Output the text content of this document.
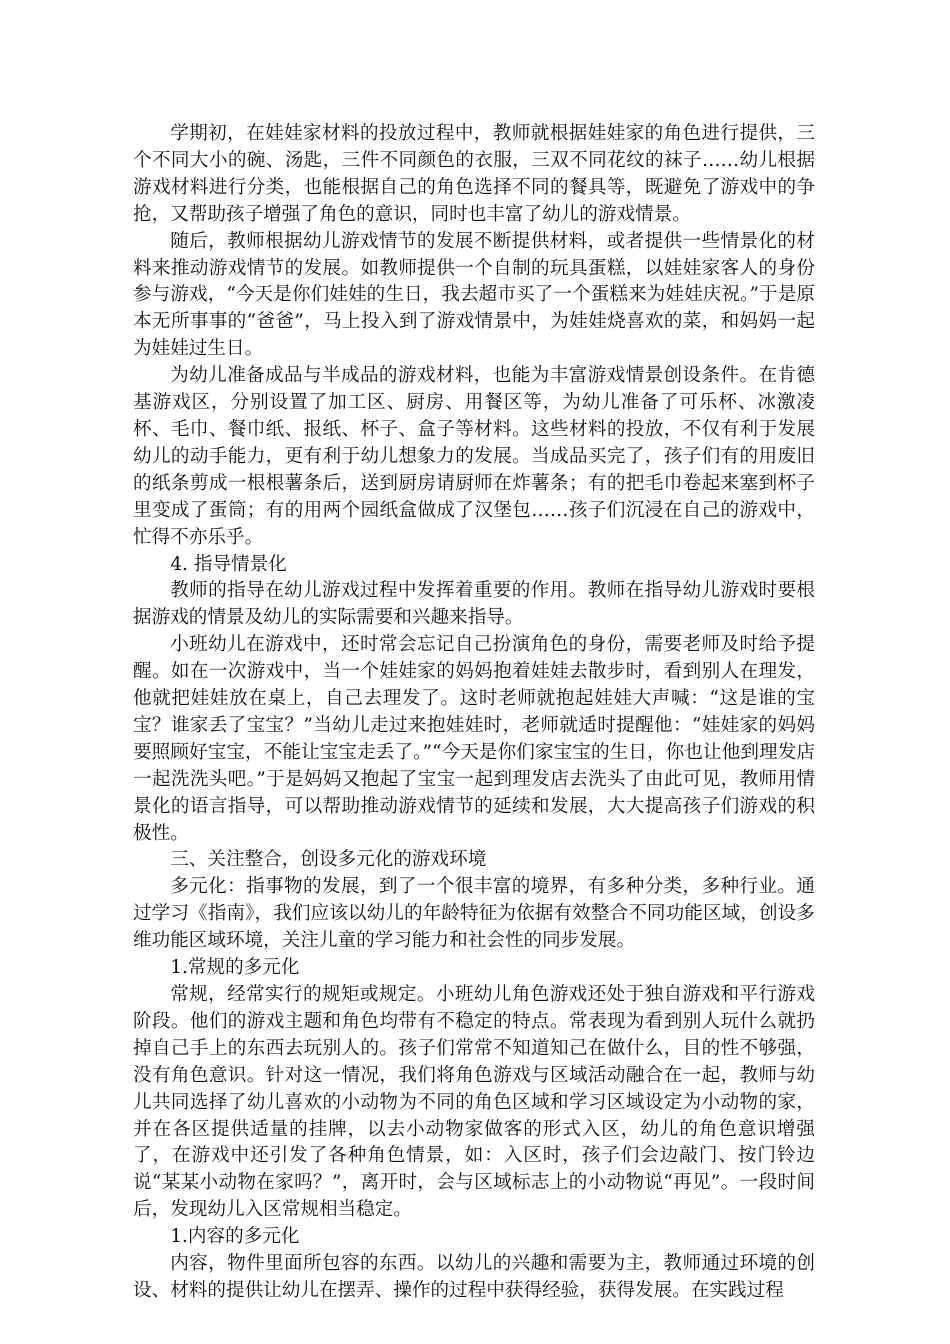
学期初，在娃娃家材料的投放过程中，教师就根据娃娃家的角色进行提供，三个不同大小的碗、汤匙，三件不同颜色的衣服，三双不同花纹的袜子……幼儿根据游戏材料进行分类，也能根据自己的角色选择不同的餐具等，既避免了游戏中的争抢，又帮助孩子增强了角色的意识，同时也丰富了幼儿的游戏情景。

随后，教师根据幼儿游戏情节的发展不断提供材料，或者提供一些情景化的材料来推动游戏情节的发展。如教师提供一个自制的玩具蛋糕，以娃娃家客人的身份参与游戏，“今天是你们娃娃的生日，我去超市买了一个蛋糕来为娃娃庆祝。”于是原本无所事事的“爸爸”，马上投入到了游戏情景中，为娃娃烧喜欢的菜，和妈妈一起为娃娃过生日。

为幼儿准备成品与半成品的游戏材料，也能为丰富游戏情景创设条件。在肯德基游戏区，分别设置了加工区、厨房、用餐区等，为幼儿准备了可乐杯、冰激凌杯、毛巾、餐巾纸、报纸、杯子、盒子等材料。这些材料的投放，不仅有利于发展幼儿的动手能力，更有利于幼儿想象力的发展。当成品买完了，孩子们有的用废旧的纸条剪成一根根薯条后，送到厨房请厨师在炸薯条；有的把毛巾卷起来塞到杯子里变成了蛋筒；有的用两个园纸盒做成了汉堡包……孩子们沉浸在自己的游戏中，忙得不亦乐乎。

4. 指导情景化

教师的指导在幼儿游戏过程中发挥着重要的作用。教师在指导幼儿游戏时要根据游戏的情景及幼儿的实际需要和兴趣来指导。

小班幼儿在游戏中，还时常会忘记自己扮演角色的身份，需要老师及时给予提醒。如在一次游戏中，当一个娃娃家的妈妈抱着娃娃去散步时，看到别人在理发，他就把娃娃放在桌上，自己去理发了。这时老师就抱起娃娃大声喊：“这是谁的宝宝？谁家丢了宝宝？”当幼儿走过来抱娃娃时，老师就适时提醒他：“娃娃家的妈妈要照顾好宝宝，不能让宝宝走丢了。”“今天是你们家宝宝的生日，你也让他到理发店一起洗洗头吧。”于是妈妈又抱起了宝宝一起到理发店去洗头了由此可见，教师用情景化的语言指导，可以帮助推动游戏情节的延续和发展，大大提高孩子们游戏的积极性。

三、关注整合，创设多元化的游戏环境

多元化：指事物的发展，到了一个很丰富的境界，有多种分类，多种行业。通过学习《指南》，我们应该以幼儿的年龄特征为依据有效整合不同功能区域，创设多维功能区域环境，关注儿童的学习能力和社会性的同步发展。

1.常规的多元化

常规，经常实行的规矩或规定。小班幼儿角色游戏还处于独自游戏和平行游戏阶段。他们的游戏主题和角色均带有不稳定的特点。常表现为看到别人玩什么就扔掉自己手上的东西去玩别人的。孩子们常常不知道知己在做什么，目的性不够强，没有角色意识。针对这一情况，我们将角色游戏与区域活动融合在一起，教师与幼儿共同选择了幼儿喜欢的小动物为不同的角色区域和学习区域设定为小动物的家，并在各区提供适量的挂牌，以去小动物家做客的形式入区，幼儿的角色意识增强了，在游戏中还引发了各种角色情景，如：入区时，孩子们会边敲门、按门铃边说“某某小动物在家吗？”，离开时，会与区域标志上的小动物说“再见”。一段时间后，发现幼儿入区常规相当稳定。

1.内容的多元化

内容，物件里面所包容的东西。以幼儿的兴趣和需要为主，教师通过环境的创设、材料的提供让幼儿在摆弄、操作的过程中获得经验，获得发展。在实践过程
